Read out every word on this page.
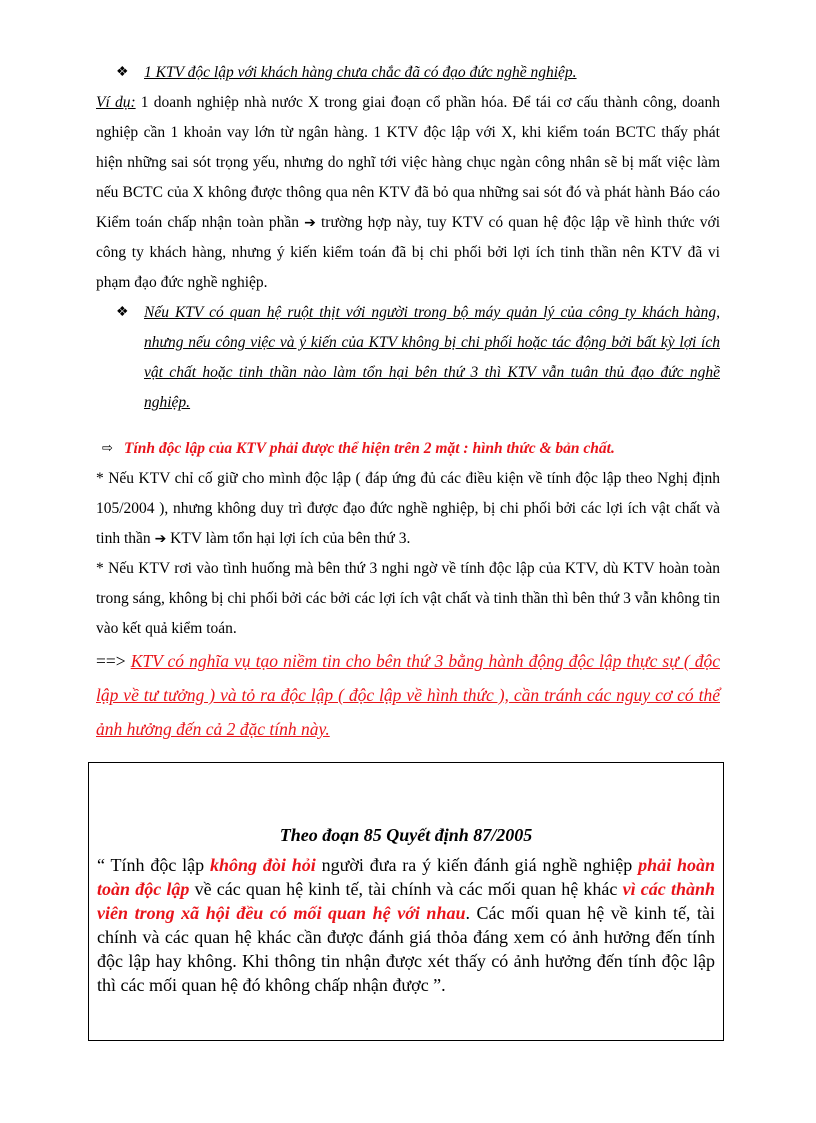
❖ 1 KTV độc lập với khách hàng chưa chắc đã có đạo đức nghề nghiệp.

Ví dụ: 1 doanh nghiệp nhà nước X trong giai đoạn cổ phần hóa. Để tái cơ cấu thành công, doanh nghiệp cần 1 khoản vay lớn từ ngân hàng. 1 KTV độc lập với X, khi kiểm toán BCTC thấy phát hiện những sai sót trọng yếu, nhưng do nghĩ tới việc hàng chục ngàn công nhân sẽ bị mất việc làm nếu BCTC của X không được thông qua nên KTV đã bỏ qua những sai sót đó và phát hành Báo cáo Kiểm toán chấp nhận toàn phần ➔ trường hợp này, tuy KTV có quan hệ độc lập về hình thức với công ty khách hàng, nhưng ý kiến kiểm toán đã bị chi phối bởi lợi ích tinh thần nên KTV đã vi phạm đạo đức nghề nghiệp.

❖ Nếu KTV có quan hệ ruột thịt với người trong bộ máy quản lý của công ty khách hàng, nhưng nếu công việc và ý kiến của KTV không bị chi phối hoặc tác động bởi bất kỳ lợi ích vật chất hoặc tinh thần nào làm tổn hại bên thứ 3 thì KTV vẫn tuân thủ đạo đức nghề nghiệp.

⇨ Tính độc lập của KTV phải được thể hiện trên 2 mặt : hình thức & bản chất.

* Nếu KTV chỉ cố giữ cho mình độc lập ( đáp ứng đủ các điều kiện về tính độc lập theo Nghị định 105/2004 ), nhưng không duy trì được đạo đức nghề nghiệp, bị chi phối bởi các lợi ích vật chất và tinh thần ➔ KTV làm tổn hại lợi ích của bên thứ 3.

* Nếu KTV rơi vào tình huống mà bên thứ 3 nghi ngờ về tính độc lập của KTV, dù KTV hoàn toàn trong sáng, không bị chi phối bởi các bởi các lợi ích vật chất và tinh thần thì bên thứ 3 vẫn không tin vào kết quả kiểm toán.

==> KTV có nghĩa vụ tạo niềm tin cho bên thứ 3 bằng hành động độc lập thực sự ( độc lập về tư tưởng ) và tỏ ra độc lập ( độc lập về hình thức ), cần tránh các nguy cơ có thể ảnh hưởng đến cả 2 đặc tính này.

Theo đoạn 85 Quyết định 87/2005

“ Tính độc lập không đòi hỏi người đưa ra ý kiến đánh giá nghề nghiệp phải hoàn toàn độc lập về các quan hệ kinh tế, tài chính và các mối quan hệ khác vì các thành viên trong xã hội đều có mối quan hệ với nhau. Các mối quan hệ về kinh tế, tài chính và các quan hệ khác cần được đánh giá thỏa đáng xem có ảnh hưởng đến tính độc lập hay không. Khi thông tin nhận được xét thấy có ảnh hưởng đến tính độc lập thì các mối quan hệ đó không chấp nhận được ”.
